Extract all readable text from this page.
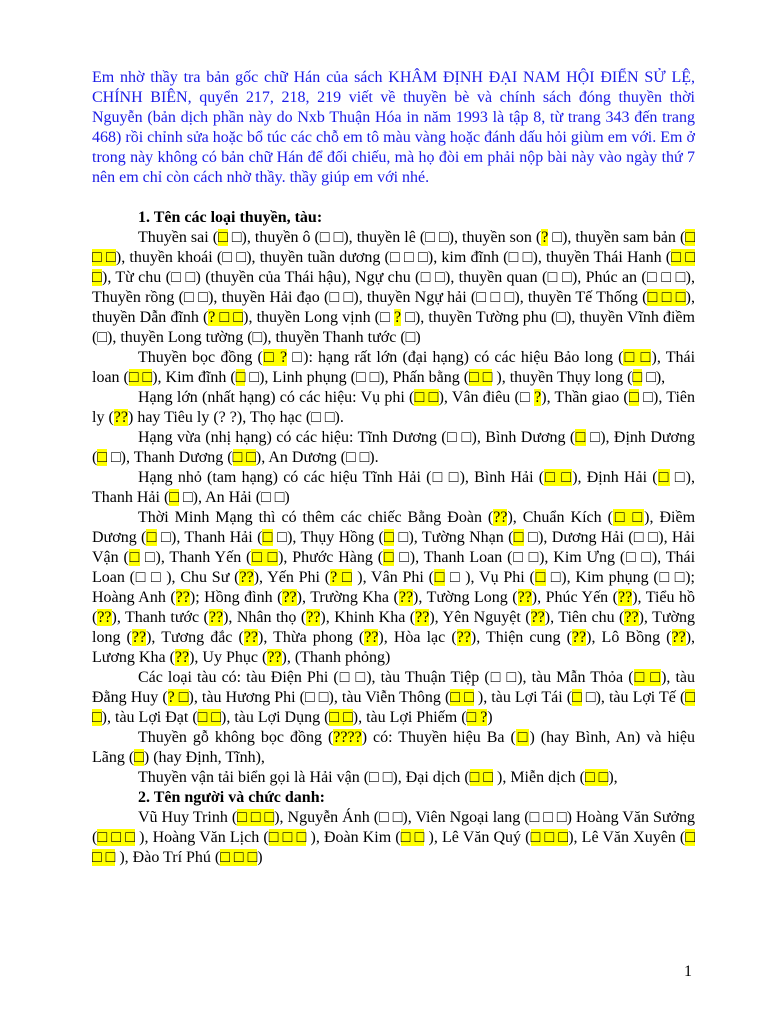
Em nhờ thầy tra bản gốc chữ Hán của sách KHÂM ĐỊNH ĐẠI NAM HỘI ĐIỂN SỬ LỆ, CHÍNH BIÊN, quyển 217, 218, 219 viết về thuyền bè và chính sách đóng thuyền thời Nguyễn (bản dịch phần này do Nxb Thuận Hóa in năm 1993 là tập 8, từ trang 343 đến trang 468) rồi chỉnh sửa hoặc bổ túc các chỗ em tô màu vàng hoặc đánh dấu hỏi giùm em với. Em ở trong này không có bản chữ Hán để đối chiếu, mà họ đòi em phải nộp bài này vào ngày thứ 7 nên em chỉ còn cách nhờ thầy. thầy giúp em với nhé.

1. Tên các loại thuyền, tàu:

Thuyền sai (□ □), thuyền ô (□ □), thuyền lê (□ □), thuyền son (? □), thuyền sam bản (□ □ □), thuyền khoái (□ □), thuyền tuần dương (□ □ □), kim đĩnh (□ □), thuyền Thái Hanh (□ □ □), Từ chu (□ □) (thuyền của Thái hậu), Ngự chu (□ □), thuyền quan (□ □), Phúc an (□ □ □), Thuyền rồng (□ □), thuyền Hải đạo (□ □), thuyền Ngự hải (□ □ □), thuyền Tế Thống (□ □ □), thuyền Dẫn đĩnh (? □ □), thuyền Long vịnh (□ ? □), thuyền Tường phu (□), thuyền Vĩnh điềm (□), thuyền Long tường (□), thuyền Thanh tước (□)

Thuyền bọc đồng (□ ? □): hạng rất lớn (đại hạng) có các hiệu Bảo long (□ □), Thái loan (□ □), Kim đĩnh (□ □), Linh phụng (□ □), Phấn bằng (□ □ ), thuyền Thụy long (□ □),

Hạng lớn (nhất hạng) có các hiệu: Vụ phi (□ □), Vân điêu (□ ?), Thần giao (□ □), Tiên ly (??) hay Tiêu ly (? ?), Thọ hạc (□ □).

Hạng vừa (nhị hạng) có các hiệu: Tĩnh Dương (□ □), Bình Dương (□ □), Định Dương (□ □), Thanh Dương (□ □), An Dương (□ □).

Hạng nhỏ (tam hạng) có các hiệu Tĩnh Hải (□ □), Bình Hải (□ □), Định Hải (□ □), Thanh Hải (□ □), An Hải (□ □)

Thời Minh Mạng thì có thêm các chiếc Bằng Đoàn (??), Chuẩn Kích (□ □), Điềm Dương (□ □), Thanh Hải (□ □), Thụy Hồng (□ □), Tường Nhạn (□ □), Dương Hải (□ □), Hải Vận (□ □), Thanh Yến (□ □), Phước Hàng (□ □), Thanh Loan (□ □), Kim Ưng (□ □), Thái Loan (□ □ ), Chu Sư (??), Yến Phi (? □ ), Vân Phi (□ □ ), Vụ Phi (□ □), Kim phụng (□ □); Hoàng Anh (??); Hồng đình (??), Trường Kha (??), Tường Long (??), Phúc Yến (??), Tiểu hồ (??), Thanh tước (??), Nhân thọ (??), Khinh Kha (??), Yên Nguyệt (??), Tiên chu (??), Tường long (??), Tương đắc (??), Thừa phong (??), Hòa lạc (??), Thiện cung (??), Lô Bồng (??), Lương Kha (??), Uy Phục (??), (Thanh phỏng)

Các loại tàu có: tàu Điện Phi (□ □), tàu Thuận Tiệp (□ □), tàu Mẫn Thỏa (□ □), tàu Đằng Huy (? □), tàu Hương Phi (□ □), tàu Viễn Thông (□ □ ), tàu Lợi Tái (□ □), tàu Lợi Tế (□ □), tàu Lợi Đạt (□ □), tàu Lợi Dụng (□ □), tàu Lợi Phiếm (□ ?)

Thuyền gỗ không bọc đồng (????) có: Thuyền hiệu Ba (□) (hay Bình, An) và hiệu Lãng (□) (hay Định, Tĩnh),

Thuyền vận tải biển gọi là Hải vận (□ □), Đại dịch (□ □ ), Miễn dịch (□ □),

2. Tên người và chức danh:

Vũ Huy Trinh (□ □ □), Nguyễn Ánh (□ □), Viên Ngoại lang (□ □ □) Hoàng Văn Sưởng (□ □ □ ), Hoàng Văn Lịch (□ □ □ ), Đoàn Kim (□ □ ), Lê Văn Quý (□ □ □), Lê Văn Xuyên (□ □ □ ), Đào Trí Phú (□ □ □)

1
